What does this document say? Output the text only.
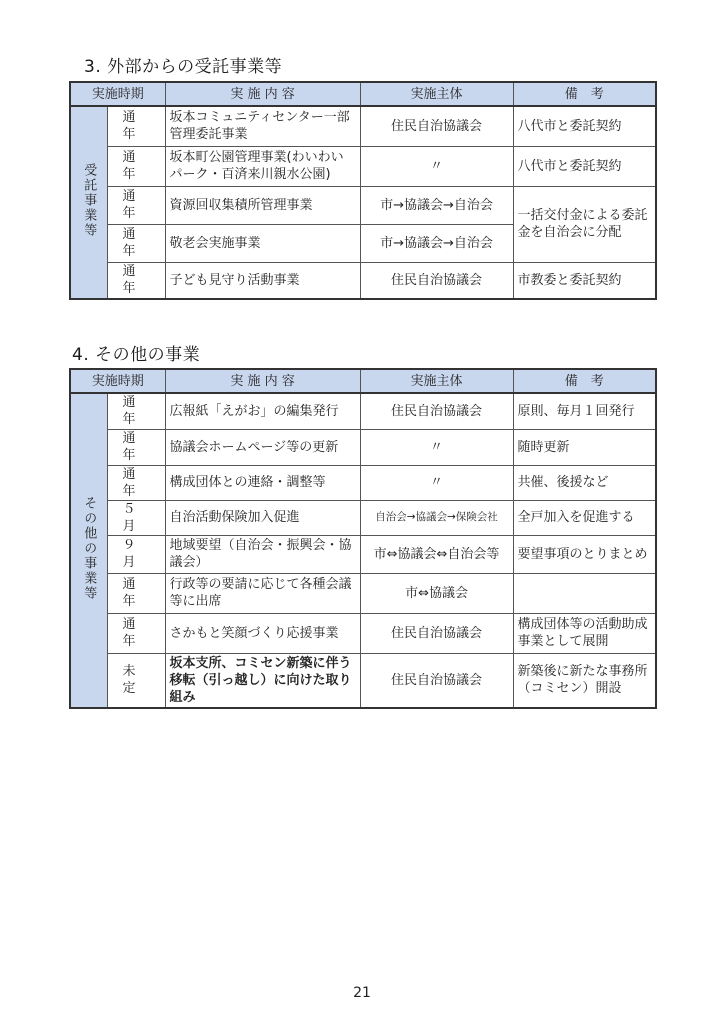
3. 外部からの受託事業等
実施時期		実 施 内 容	実施主体	備　考
受託事業等	通 年	坂本コミュニティセンター一部管理委託事業	住民自治協議会	八代市と委託契約
	通 年	坂本町公園管理事業(わいわいパーク・百済来川親水公園)	〃	八代市と委託契約
	通 年	資源回収集積所管理事業	市→協議会→自治会	一括交付金による委託金を自治会に分配
	通 年	敬老会実施事業	市→協議会→自治会	
	通 年	子ども見守り活動事業	住民自治協議会	市教委と委託契約
4. その他の事業
実施時期		実 施 内 容	実施主体	備　考
その他の事業等	通 年	広報紙「えがお」の編集発行	住民自治協議会	原則、毎月１回発行
	通 年	協議会ホームページ等の更新	〃	随時更新
	通 年	構成団体との連絡・調整等	〃	共催、後援など
	５ 月	自治活動保険加入促進	自治会→協議会→保険会社	全戸加入を促進する
	９ 月	地域要望（自治会・振興会・協議会）	市⇔協議会⇔自治会等	要望事項のとりまとめ
	通 年	行政等の要請に応じて各種会議等に出席	市⇔協議会	
	通 年	さかもと笑顔づくり応援事業	住民自治協議会	構成団体等の活動助成事業として展開
	未 定	坂本支所、コミセン新築に伴う移転（引っ越し）に向けた取り組み	住民自治協議会	新築後に新たな事務所（コミセン）開設
21
